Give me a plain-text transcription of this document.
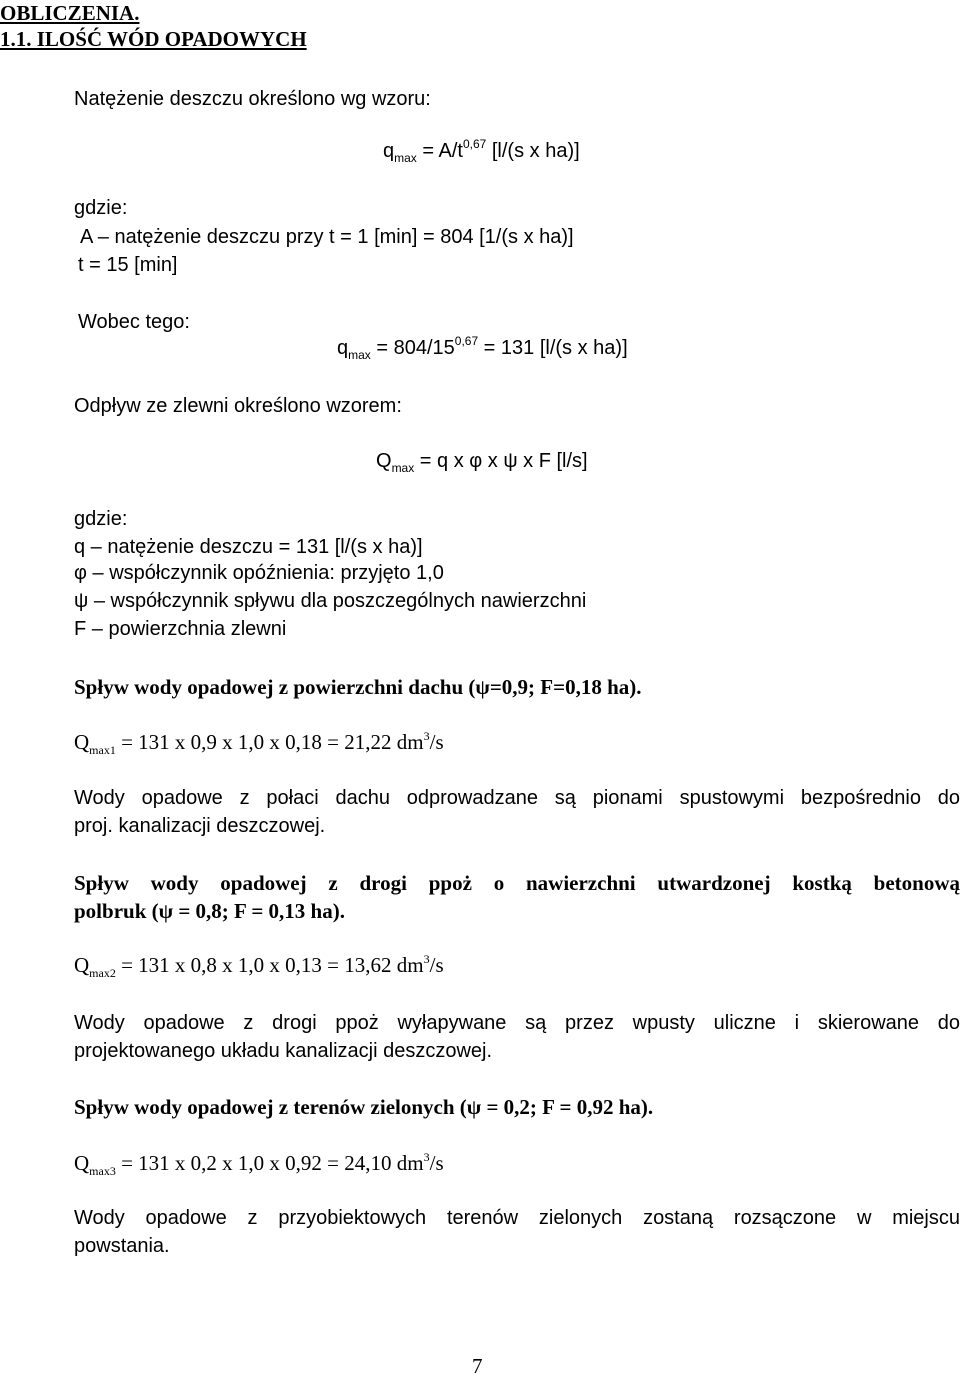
OBLICZENIA.
1.1. ILOŚĆ WÓD OPADOWYCH
Natężenie deszczu określono wg wzoru:
$q_{max} = A/t^{0,67}$ [l/(s x ha)]
gdzie:
A – natężenie deszczu przy t = 1 [min] = 804 [1/(s x ha)]
t = 15 [min]
Wobec tego:
$q_{max} = 804/15^{0,67} = 131$ [l/(s x ha)]
Odpływ ze zlewni określono wzorem:
$Q_{max} = q$ x φ x ψ x F [l/s]
gdzie:
q – natężenie deszczu = 131 [l/(s x ha)]
φ – współczynnik opóźnienia: przyjęto 1,0
ψ – współczynnik spływu dla poszczególnych nawierzchni
F – powierzchnia zlewni
Spływ wody opadowej z powierzchni dachu (ψ=0,9; F=0,18 ha).
$Q_{max1} = 131$ x 0,9 x 1,0 x 0,18 = 21,22 $dm^3/s$
Wody opadowe z połaci dachu odprowadzane są pionami spustowymi bezpośrednio do
proj. kanalizacji deszczowej.
Spływ wody opadowej z drogi ppoż o nawierzchni utwardzonej kostką betonową
polbruk (ψ = 0,8; F = 0,13 ha).
$Q_{max2} = 131$ x 0,8 x 1,0 x 0,13 = 13,62 $dm^3/s$
Wody opadowe z drogi ppoż wyłapywane są przez wpusty uliczne i skierowane do
projektowanego układu kanalizacji deszczowej.
Spływ wody opadowej z terenów zielonych (ψ = 0,2; F = 0,92 ha).
$Q_{max3} = 131$ x 0,2 x 1,0 x 0,92 = 24,10 $dm^3/s$
Wody opadowe z przyobiektowych terenów zielonych zostaną rozsączone w miejscu
powstania.
7
